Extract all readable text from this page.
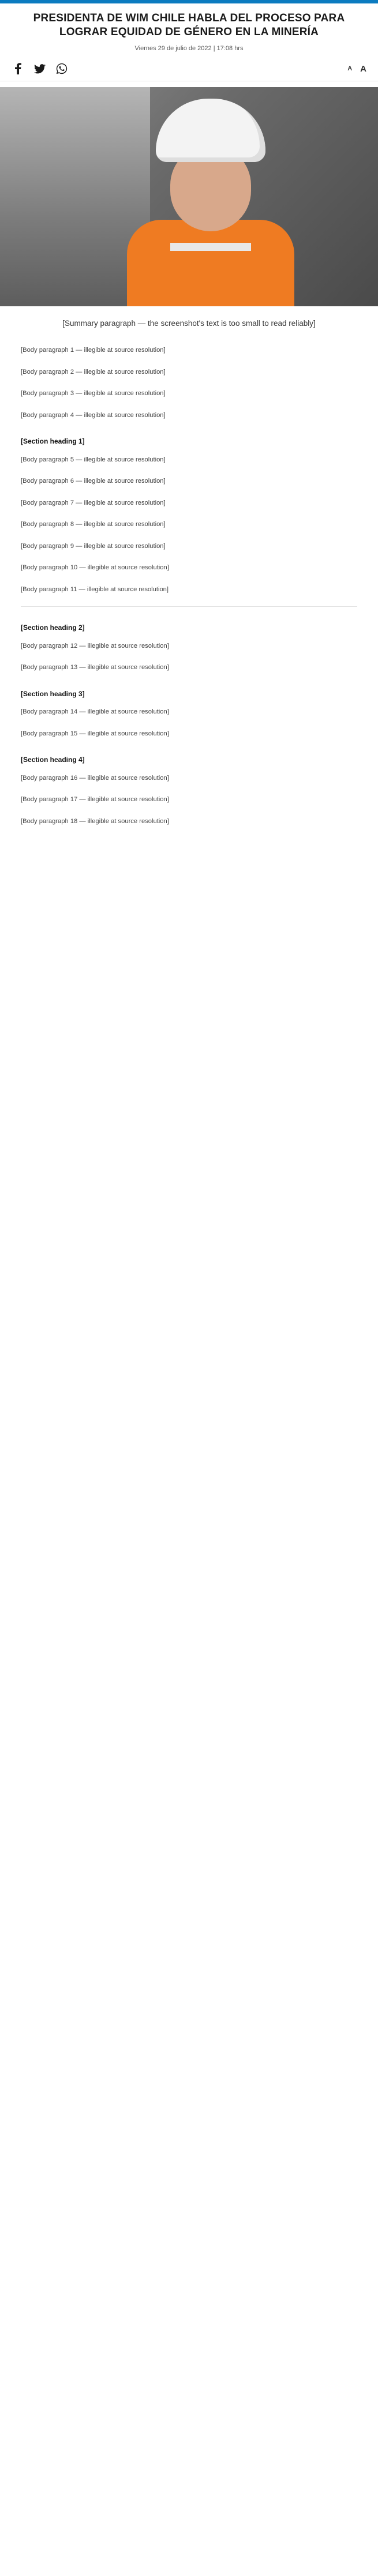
PRESIDENTA DE WIM CHILE HABLA DEL PROCESO PARA LOGRAR EQUIDAD DE GÉNERO EN LA MINERÍA
Viernes 29 de julio de 2022 | 17:08 hrs
A A
[Summary paragraph — the screenshot's text is too small to read reliably]

[Body paragraph 1 — illegible at source resolution]

[Body paragraph 2 — illegible at source resolution]

[Body paragraph 3 — illegible at source resolution]

[Body paragraph 4 — illegible at source resolution]

[Section heading 1]

[Body paragraph 5 — illegible at source resolution]

[Body paragraph 6 — illegible at source resolution]

[Body paragraph 7 — illegible at source resolution]

[Body paragraph 8 — illegible at source resolution]

[Body paragraph 9 — illegible at source resolution]

[Body paragraph 10 — illegible at source resolution]

[Body paragraph 11 — illegible at source resolution]

[Section heading 2]

[Body paragraph 12 — illegible at source resolution]

[Body paragraph 13 — illegible at source resolution]

[Section heading 3]

[Body paragraph 14 — illegible at source resolution]

[Body paragraph 15 — illegible at source resolution]

[Section heading 4]

[Body paragraph 16 — illegible at source resolution]

[Body paragraph 17 — illegible at source resolution]

[Body paragraph 18 — illegible at source resolution]
